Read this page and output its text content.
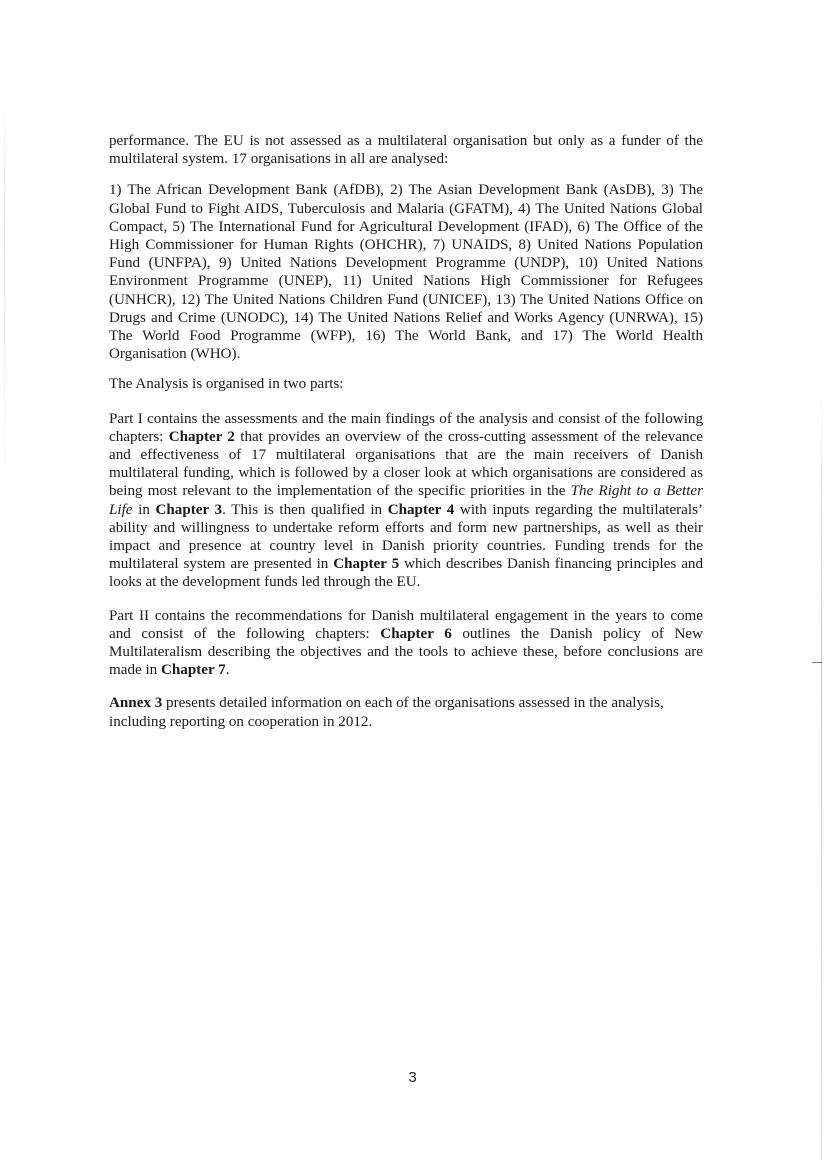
performance. The EU is not assessed as a multilateral organisation but only as a funder of the multilateral system. 17 organisations in all are analysed:

1) The African Development Bank (AfDB), 2) The Asian Development Bank (AsDB), 3) The Global Fund to Fight AIDS, Tuberculosis and Malaria (GFATM), 4) The United Nations Global Compact, 5) The International Fund for Agricultural Development (IFAD), 6) The Office of the High Commissioner for Human Rights (OHCHR), 7) UNAIDS, 8) United Nations Population Fund (UNFPA), 9) United Nations Development Programme (UNDP), 10) United Nations Environment Programme (UNEP), 11) United Nations High Commissioner for Refugees (UNHCR), 12) The United Nations Children Fund (UNICEF), 13) The United Nations Office on Drugs and Crime (UNODC), 14) The United Nations Relief and Works Agency (UNRWA), 15) The World Food Programme (WFP), 16) The World Bank, and 17) The World Health Organisation (WHO).

The Analysis is organised in two parts:

Part I contains the assessments and the main findings of the analysis and consist of the following chapters: Chapter 2 that provides an overview of the cross-cutting assessment of the relevance and effectiveness of 17 multilateral organisations that are the main receivers of Danish multilateral funding, which is followed by a closer look at which organisations are considered as being most relevant to the implementation of the specific priorities in the The Right to a Better Life in Chapter 3. This is then qualified in Chapter 4 with inputs regarding the multilaterals’ ability and willingness to undertake reform efforts and form new partnerships, as well as their impact and presence at country level in Danish priority countries. Funding trends for the multilateral system are presented in Chapter 5 which describes Danish financing principles and looks at the development funds led through the EU.

Part II contains the recommendations for Danish multilateral engagement in the years to come and consist of the following chapters: Chapter 6 outlines the Danish policy of New Multilateralism describing the objectives and the tools to achieve these, before conclusions are made in Chapter 7.

Annex 3 presents detailed information on each of the organisations assessed in the analysis, including reporting on cooperation in 2012.

3
